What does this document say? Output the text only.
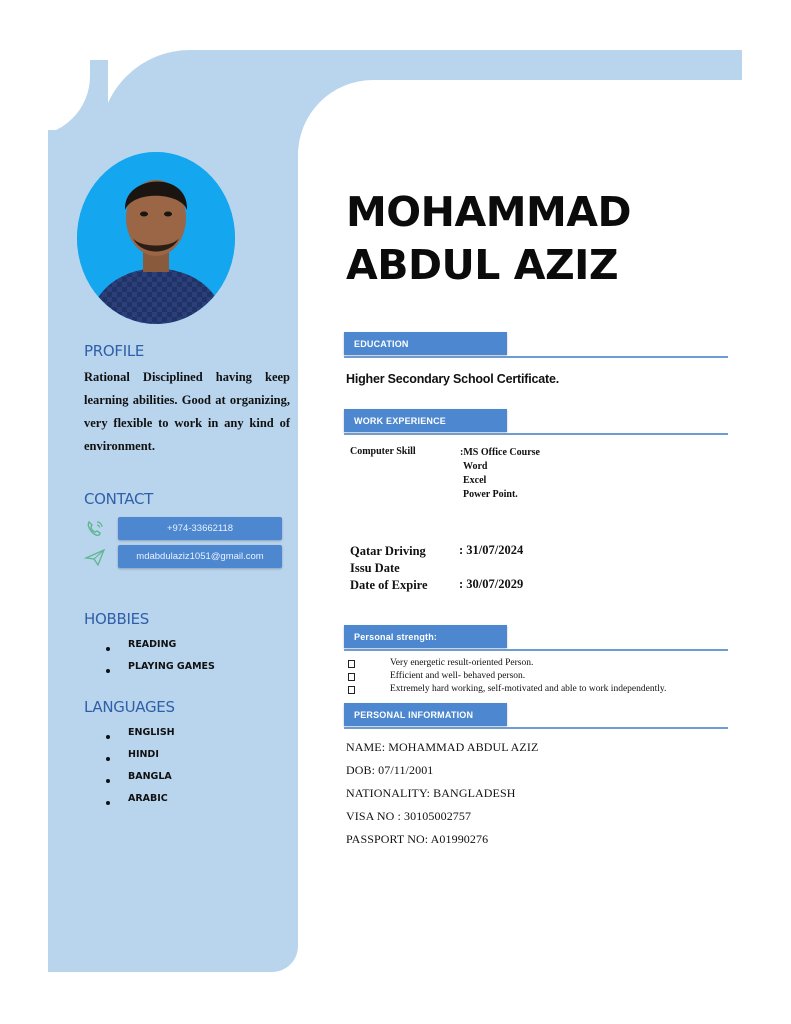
PROFILE
Rational Disciplined having keep learning abilities. Good at organizing, very flexible to work in any kind of environment.
CONTACT
+974-33662118
mdabdulaziz1051@gmail.com
HOBBIES
READING
PLAYING GAMES
LANGUAGES
ENGLISH
HINDI
BANGLA
ARABIC
MOHAMMAD
ABDUL AZIZ
EDUCATION
Higher Secondary School Certificate.
WORK EXPERIENCE
Computer Skill	:MS Office Course
Word
Excel
Power Point.
Qatar Driving
Issu Date
Date of Expire
: 31/07/2024
: 30/07/2029
Personal strength:
Very energetic result-oriented Person.
Efficient and well- behaved person.
Extremely hard working, self-motivated and able to work independently.
PERSONAL INFORMATION
NAME: MOHAMMAD ABDUL AZIZ
DOB: 07/11/2001
NATIONALITY: BANGLADESH
VISA NO : 30105002757
PASSPORT NO: A01990276
